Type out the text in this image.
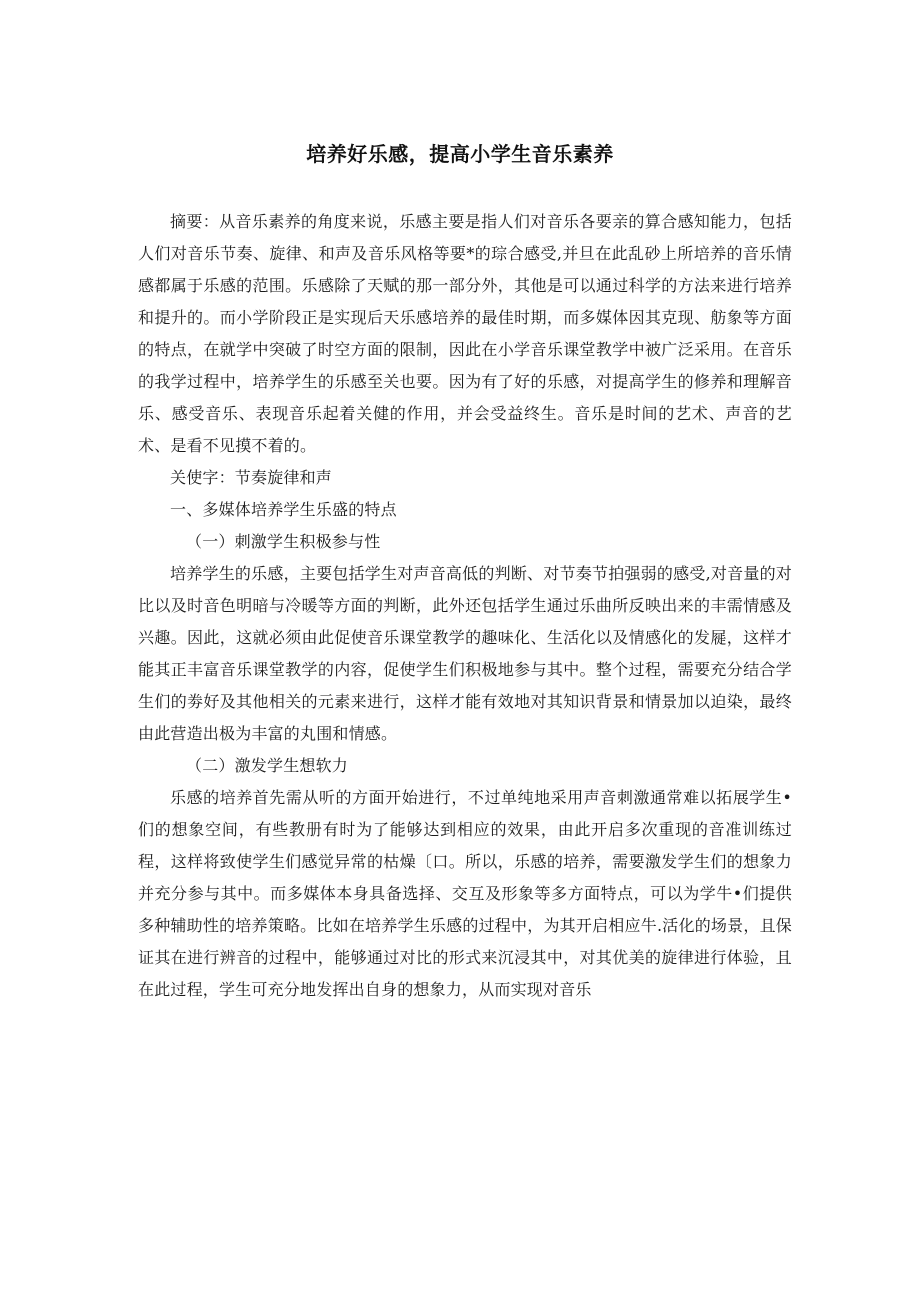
培养好乐感，提高小学生音乐素养

摘要：从音乐素养的角度来说，乐感主要是指人们对音乐各要亲的算合感知能力，包括人们对音乐节奏、旋律、和声及音乐风格等要*的琮合感受,并旦在此乱砂上所培养的音乐情感都属于乐感的范围。乐感除了天赋的那一部分外，其他是可以通过科学的方法来进行培养和提升的。而小学阶段正是实现后天乐感培养的最佳时期，而多媒体因其克现、舫象等方面的特点，在就学中突破了时空方面的限制，因此在小学音乐课堂教学中被广泛采用。在音乐的我学过程中，培养学生的乐感至关也要。因为有了好的乐感，对提高学生的修养和理解音乐、感受音乐、表现音乐起着关健的作用，并会受益终生。音乐是时间的艺术、声音的艺术、是看不见摸不着的。

关使字：节奏旋律和声

一、多媒体培养学生乐盛的特点

（一）刺激学生积极参与性

培养学生的乐感，主要包括学生对声音高低的判断、对节奏节拍强弱的感受,对音量的对比以及时音色明暗与冷暖等方面的判断，此外还包括学生通过乐曲所反映出来的丰需情感及兴趣。因此，这就必须由此促使音乐课堂教学的趣味化、生活化以及情感化的发屣，这样才能其正丰富音乐课堂教学的内容，促使学生们积极地参与其中。整个过程，需要充分结合学生们的劵好及其他相关的元素来进行，这样才能有效地对其知识背景和情景加以迫染，最终由此营造出极为丰富的丸围和情感。

（二）激发学生想软力

乐感的培养首先需从听的方面开始进行，不过单纯地采用声音刺激通常难以拓展学生•们的想象空间，有些教册有时为了能够达到相应的效果，由此开启多次重现的音准训练过程，这样将致使学生们感觉异常的枯燥〔口。所以，乐感的培养，需要激发学生们的想象力并充分参与其中。而多媒体本身具备选择、交互及形象等多方面特点，可以为学牛•们提供多种辅助性的培养策略。比如在培养学生乐感的过程中，为其开启相应牛.活化的场景，且保证其在进行辨音的过程中，能够通过对比的形式来沉浸其中，对其优美的旋律进行体验，且在此过程，学生可充分地发挥出自身的想象力，从而实现对音乐
